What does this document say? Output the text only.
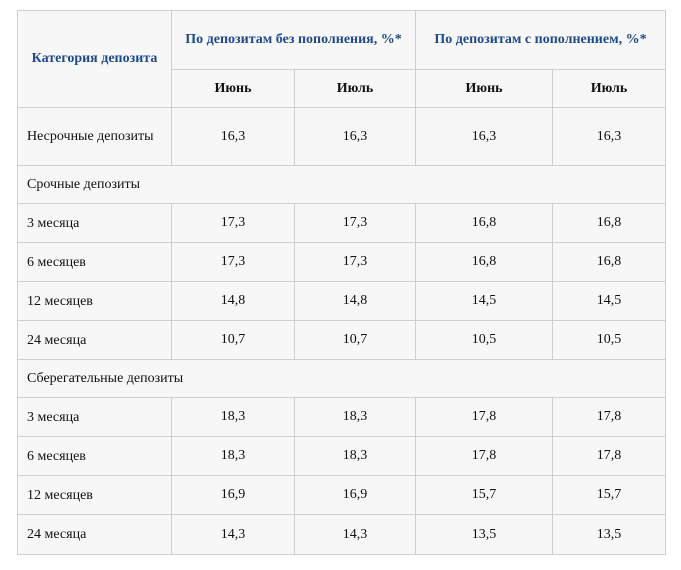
Категория депозита	По депозитам без пополнения, %*		По депозитам с пополнением, %*	
	Июнь	Июль	Июнь	Июль
Несрочные депозиты	16,3	16,3	16,3	16,3
Срочные депозиты				
3 месяца	17,3	17,3	16,8	16,8
6 месяцев	17,3	17,3	16,8	16,8
12 месяцев	14,8	14,8	14,5	14,5
24 месяца	10,7	10,7	10,5	10,5
Сберегательные депозиты				
3 месяца	18,3	18,3	17,8	17,8
6 месяцев	18,3	18,3	17,8	17,8
12 месяцев	16,9	16,9	15,7	15,7
24 месяца	14,3	14,3	13,5	13,5
